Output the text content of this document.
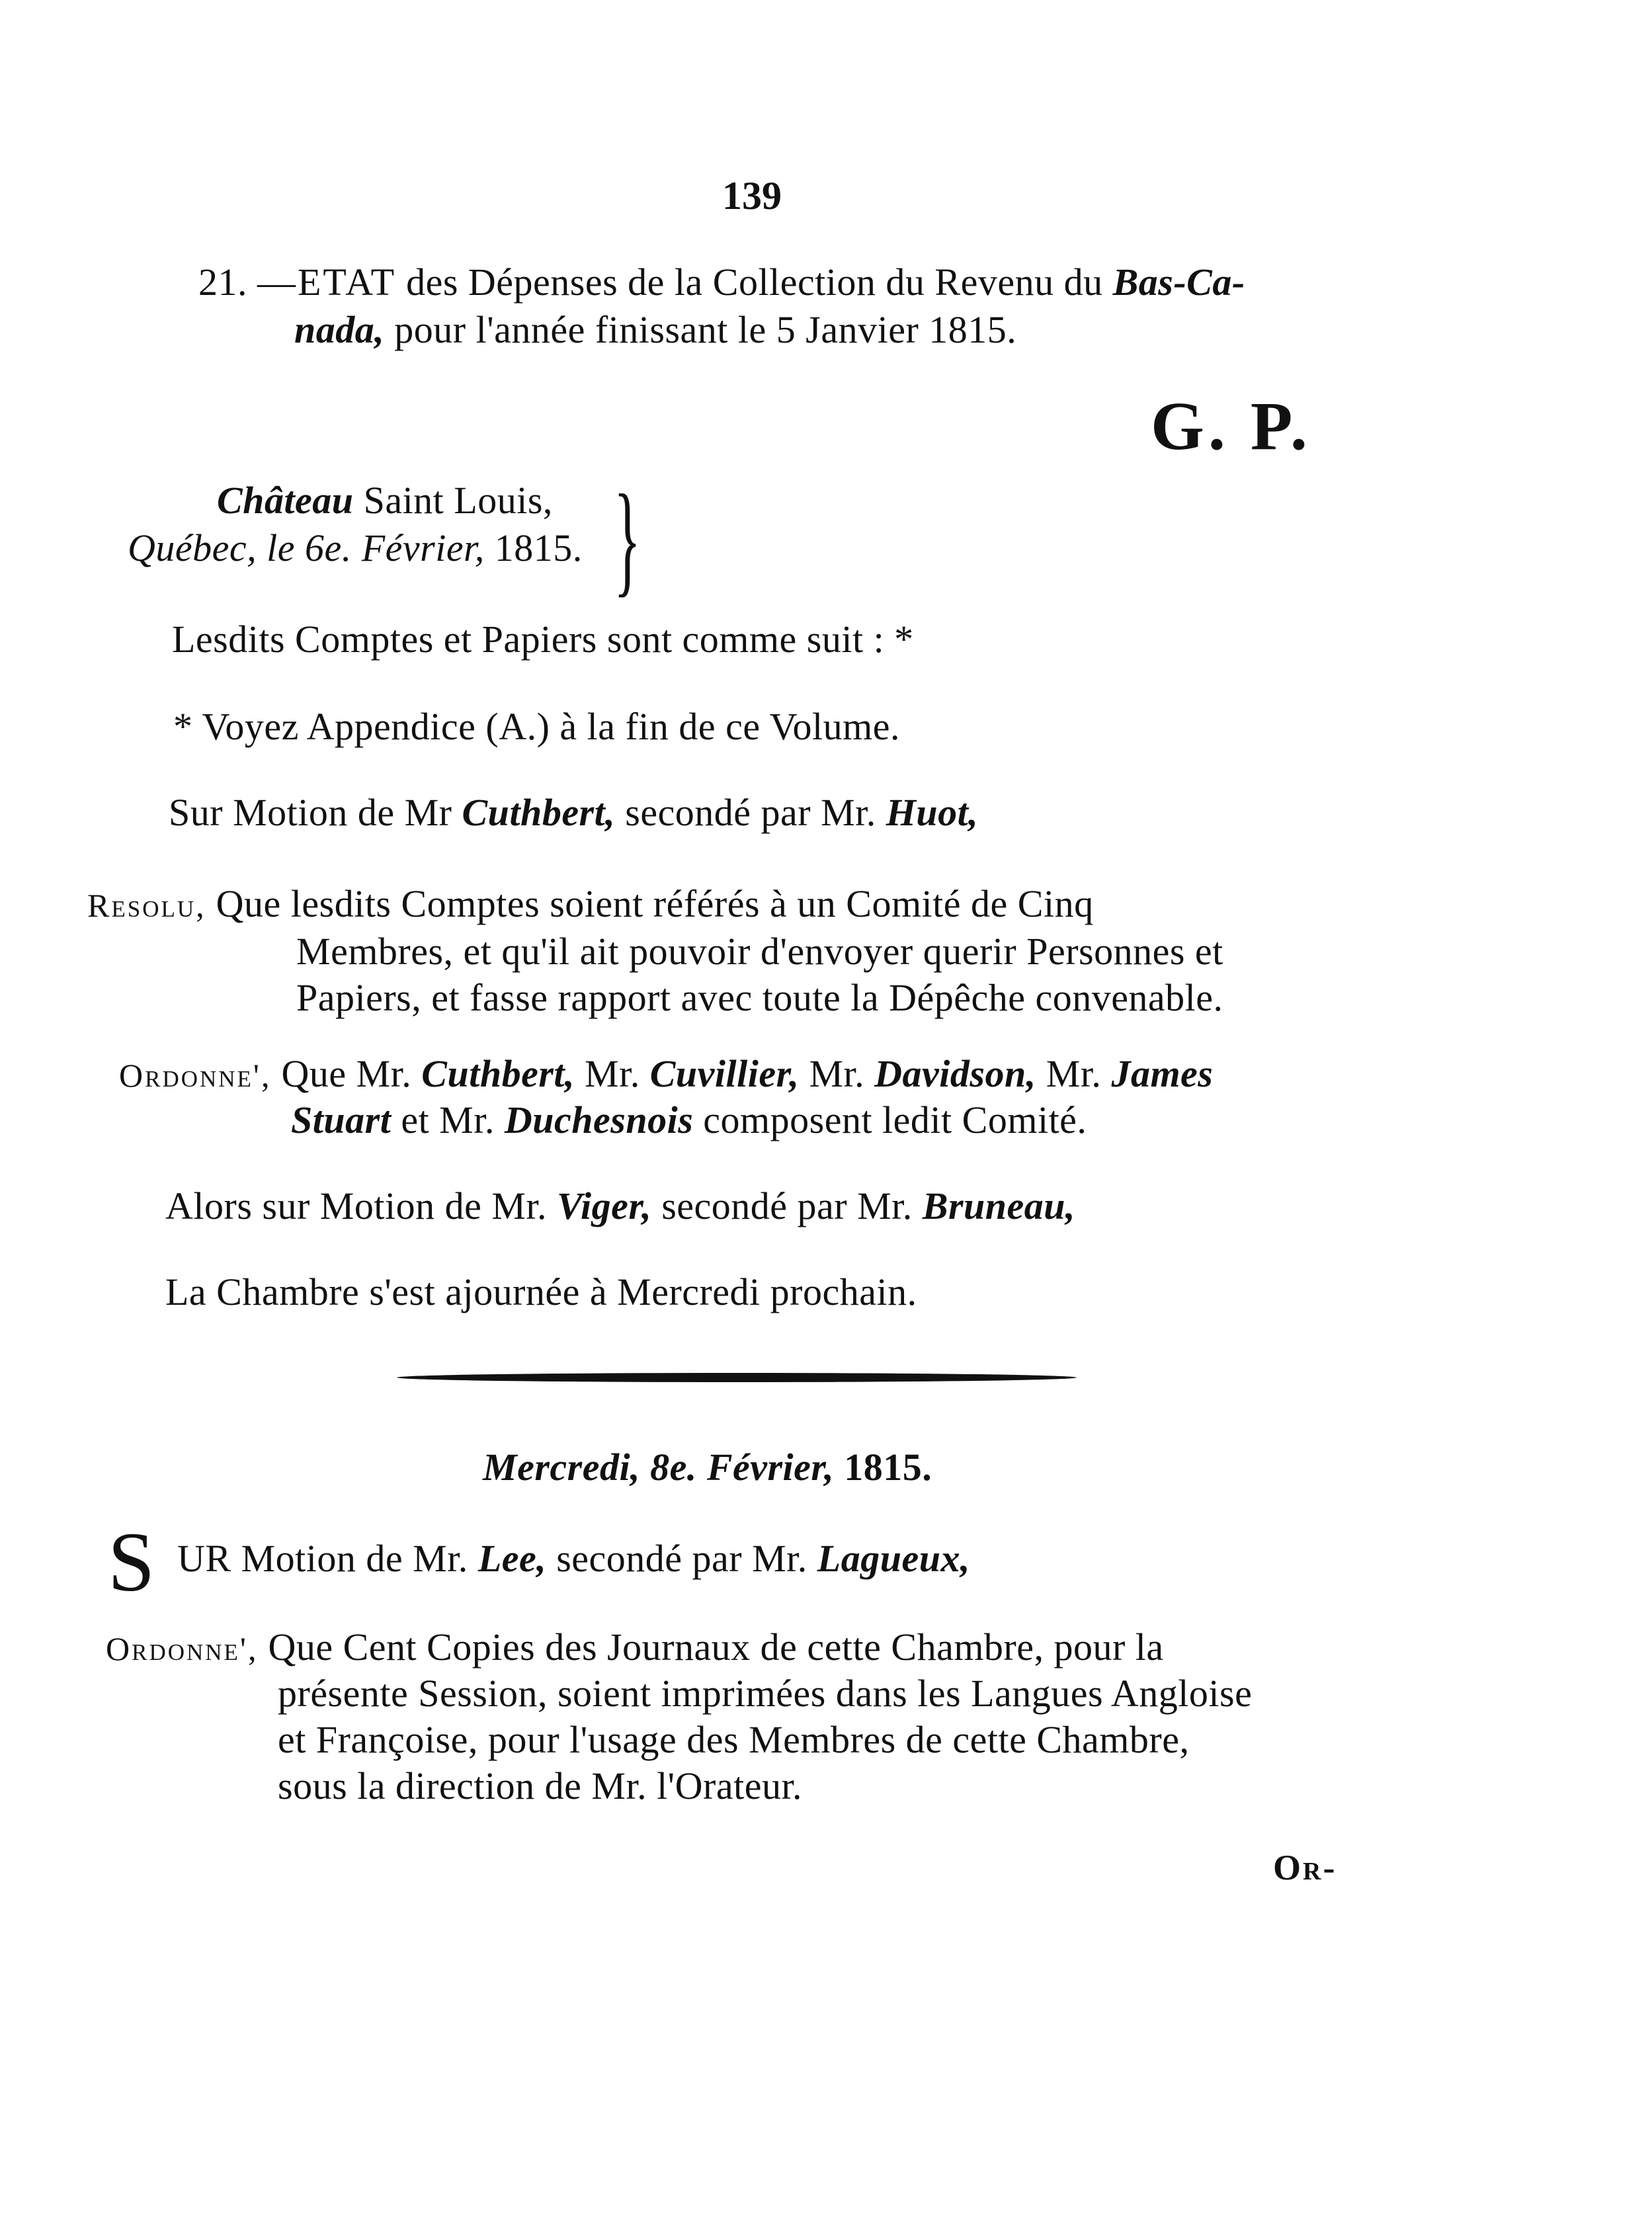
139
21. —ETAT des Dépenses de la Collection du Revenu du Bas-Ca-
nada, pour l'année finissant le 5 Janvier 1815.
G. P.
Château Saint Louis,
Québec, le 6e. Février, 1815. }
Lesdits Comptes et Papiers sont comme suit : *
* Voyez Appendice (A.) à la fin de ce Volume.
Sur Motion de Mr Cuthbert, secondé par Mr. Huot,
Resolu, Que lesdits Comptes soient référés à un Comité de Cinq
Membres, et qu'il ait pouvoir d'envoyer querir Personnes et
Papiers, et fasse rapport avec toute la Dépêche convenable.
Ordonne', Que Mr. Cuthbert, Mr. Cuvillier, Mr. Davidson, Mr. James
Stuart et Mr. Duchesnois composent ledit Comité.
Alors sur Motion de Mr. Viger, secondé par Mr. Bruneau,
La Chambre s'est ajournée à Mercredi prochain.
Mercredi, 8e. Février, 1815.
S UR Motion de Mr. Lee, secondé par Mr. Lagueux,
Ordonne', Que Cent Copies des Journaux de cette Chambre, pour la
présente Session, soient imprimées dans les Langues Angloise
et Françoise, pour l'usage des Membres de cette Chambre,
sous la direction de Mr. l'Orateur.
Or-
